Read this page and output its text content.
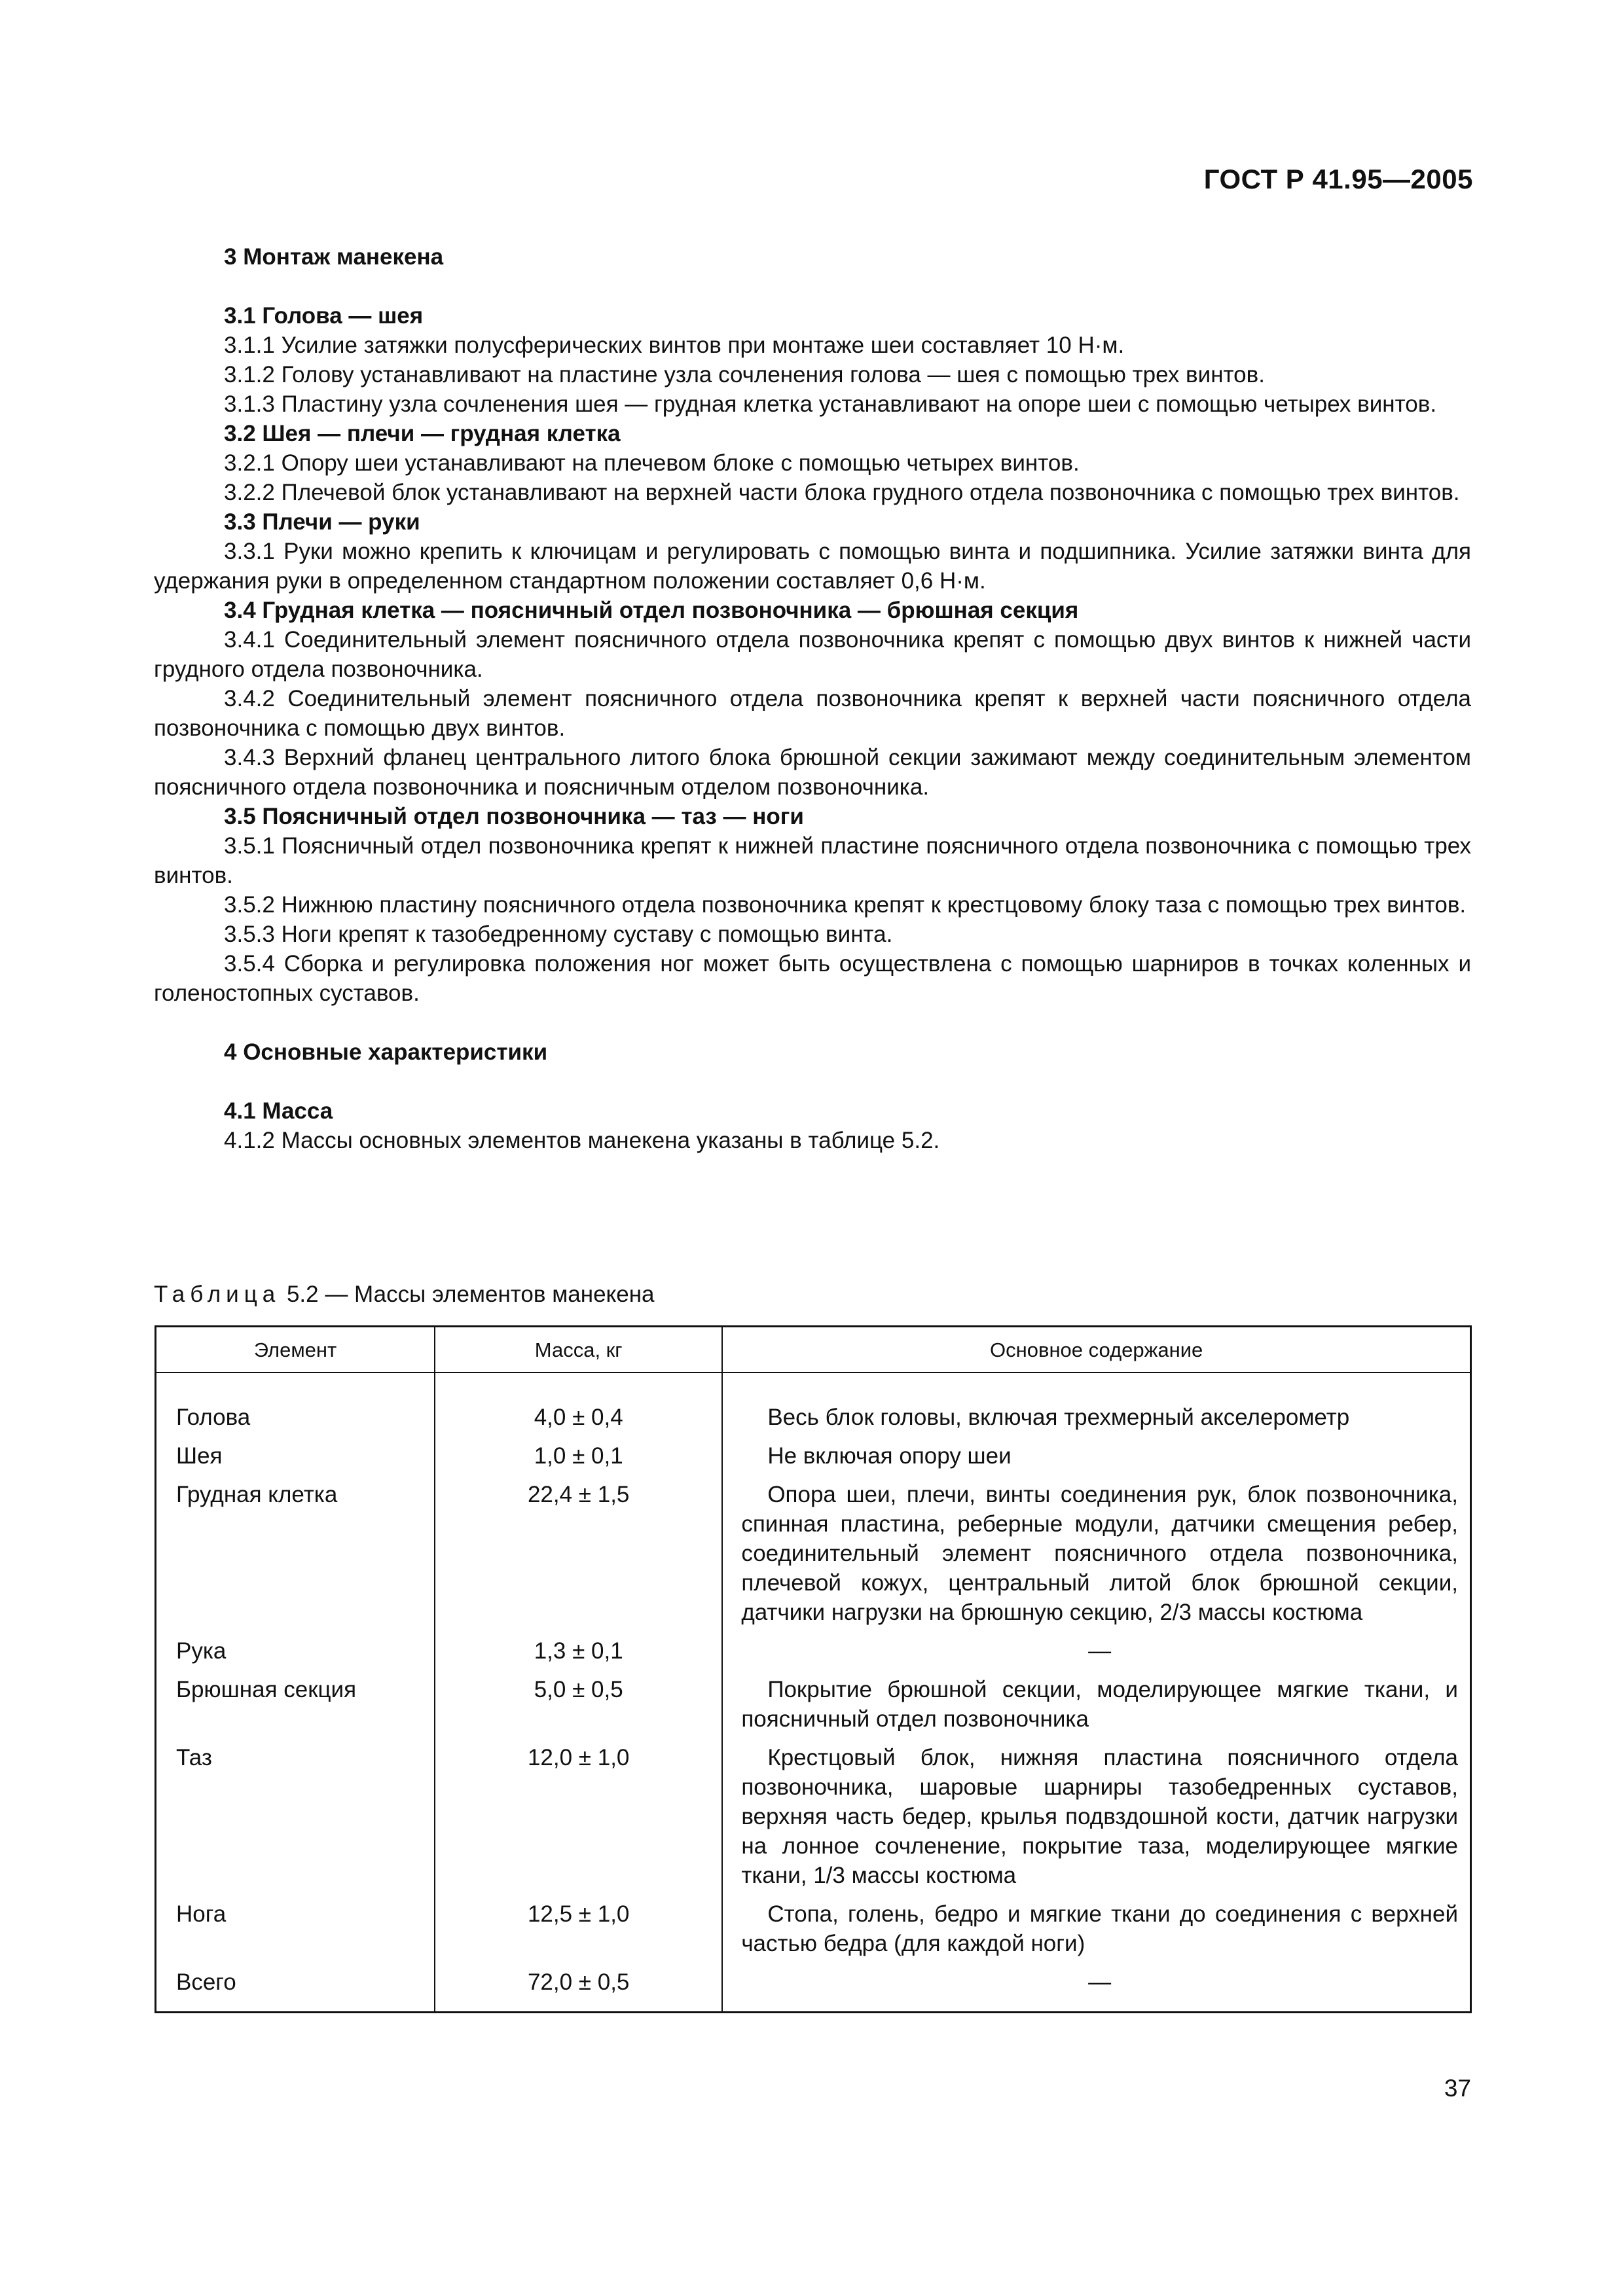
ГОСТ Р 41.95—2005

3 Монтаж манекена

3.1 Голова — шея

3.1.1 Усилие затяжки полусферических винтов при монтаже шеи составляет 10 Н·м.

3.1.2 Голову устанавливают на пластине узла сочленения голова — шея с помощью трех винтов.

3.1.3 Пластину узла сочленения шея — грудная клетка устанавливают на опоре шеи с помощью четырех винтов.

3.2 Шея — плечи — грудная клетка

3.2.1 Опору шеи устанавливают на плечевом блоке с помощью четырех винтов.

3.2.2 Плечевой блок устанавливают на верхней части блока грудного отдела позвоночника с помощью трех винтов.

3.3 Плечи — руки

3.3.1 Руки можно крепить к ключицам и регулировать с помощью винта и подшипника. Усилие затяжки винта для удержания руки в определенном стандартном положении составляет 0,6 Н·м.

3.4 Грудная клетка — поясничный отдел позвоночника — брюшная секция

3.4.1 Соединительный элемент поясничного отдела позвоночника крепят с помощью двух винтов к нижней части грудного отдела позвоночника.

3.4.2 Соединительный элемент поясничного отдела позвоночника крепят к верхней части поясничного отдела позвоночника с помощью двух винтов.

3.4.3 Верхний фланец центрального литого блока брюшной секции зажимают между соединительным элементом поясничного отдела позвоночника и поясничным отделом позвоночника.

3.5 Поясничный отдел позвоночника — таз — ноги

3.5.1 Поясничный отдел позвоночника крепят к нижней пластине поясничного отдела позвоночника с помощью трех винтов.

3.5.2 Нижнюю пластину поясничного отдела позвоночника крепят к крестцовому блоку таза с помощью трех винтов.

3.5.3 Ноги крепят к тазобедренному суставу с помощью винта.

3.5.4 Сборка и регулировка положения ног может быть осуществлена с помощью шарниров в точках коленных и голеностопных суставов.

4 Основные характеристики

4.1 Масса

4.1.2 Массы основных элементов манекена указаны в таблице 5.2.

Таблица 5.2 — Массы элементов манекена
Элемент	Масса, кг	Основное содержание
Голова	4,0 ± 0,4	Весь блок головы, включая трехмерный акселерометр
Шея	1,0 ± 0,1	Не включая опору шеи
Грудная клетка	22,4 ± 1,5	Опора шеи, плечи, винты соединения рук, блок позвоночника, спинная пластина, реберные модули, датчики смещения ребер, соединительный элемент поясничного отдела позвоночника, плечевой кожух, центральный литой блок брюшной секции, датчики нагрузки на брюшную секцию, 2/3 массы костюма
Рука	1,3 ± 0,1	—
Брюшная секция	5,0 ± 0,5	Покрытие брюшной секции, моделирующее мягкие ткани, и поясничный отдел позвоночника
Таз	12,0 ± 1,0	Крестцовый блок, нижняя пластина поясничного отдела позвоночника, шаровые шарниры тазобедренных суставов, верхняя часть бедер, крылья подвздошной кости, датчик нагрузки на лонное сочленение, покрытие таза, моделирующее мягкие ткани, 1/3 массы костюма
Нога	12,5 ± 1,0	Стопа, голень, бедро и мягкие ткани до соединения с верхней частью бедра (для каждой ноги)
Всего	72,0 ± 0,5	—
37
